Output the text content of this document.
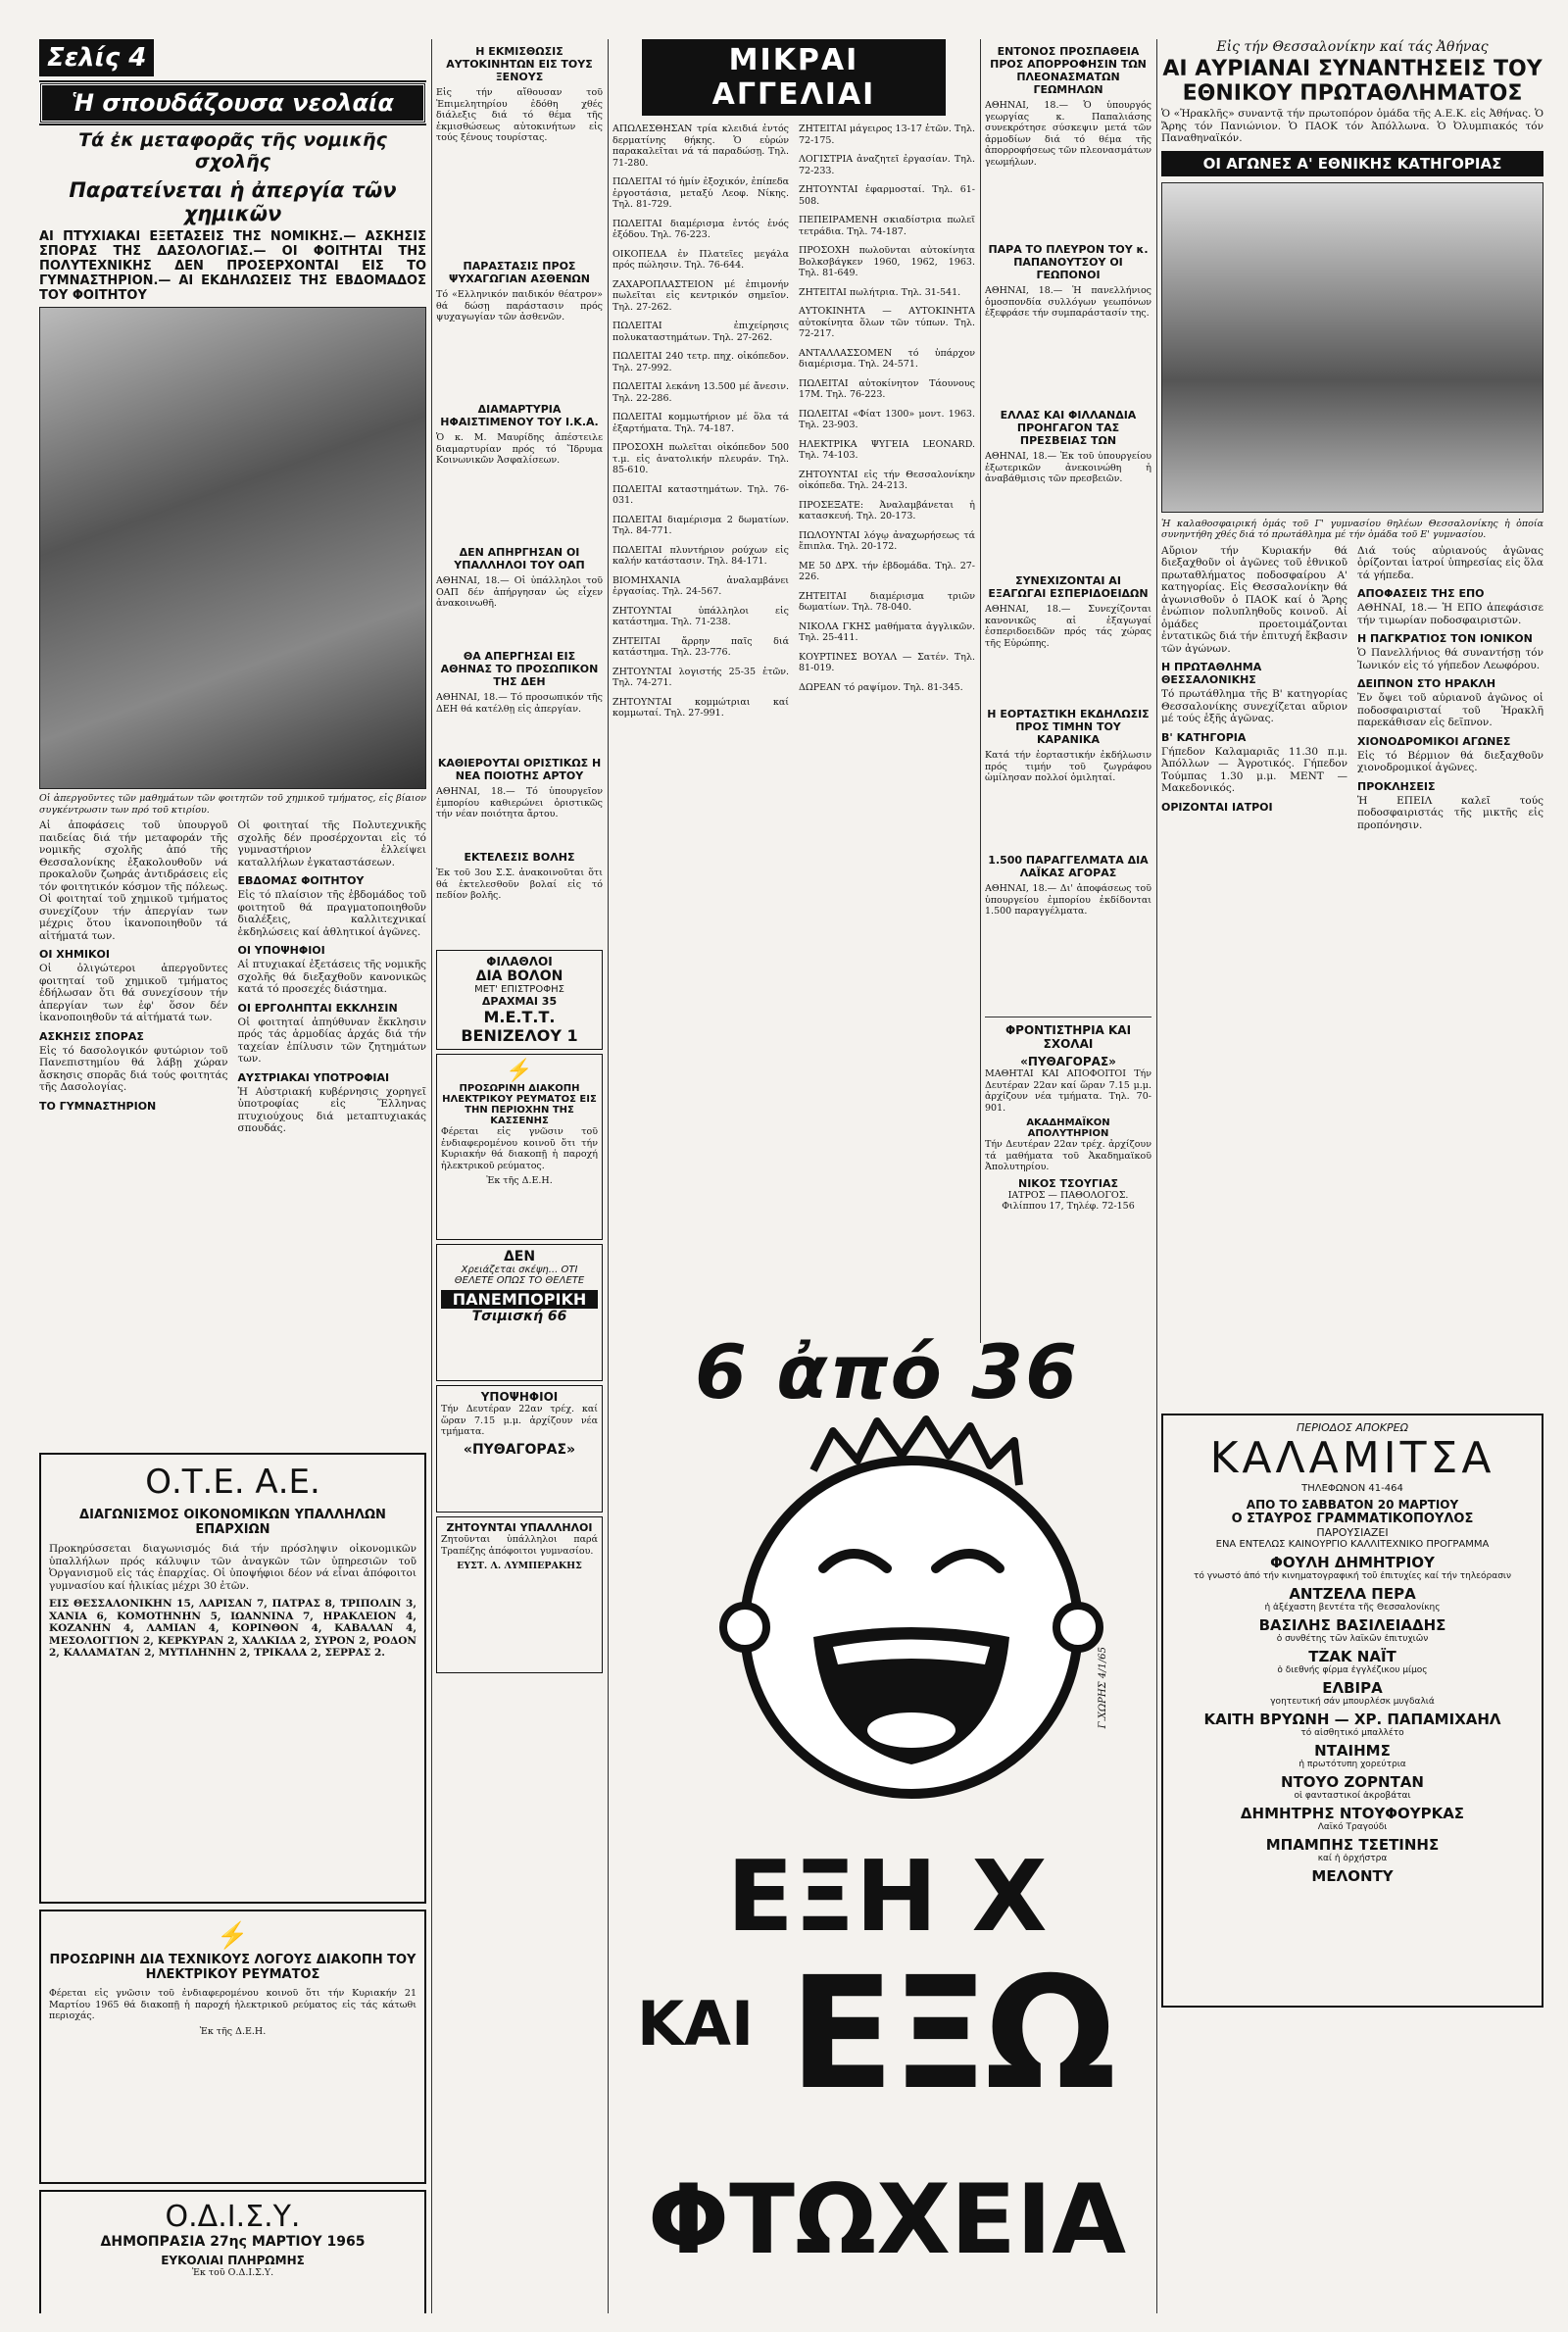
Σελίς 4
Ἡ σπουδάζουσα νεολαία
Τά ἐκ μεταφορᾶς τῆς νομικῆς σχολῆς
Παρατείνεται ἡ ἀπεργία τῶν χημικῶν
ΑΙ ΠΤΥΧΙΑΚΑΙ ΕΞΕΤΑΣΕΙΣ ΤΗΣ ΝΟΜΙΚΗΣ.— ΑΣΚΗΣΙΣ ΣΠΟΡΑΣ ΤΗΣ ΔΑΣΟΛΟΓΙΑΣ.— ΟΙ ΦΟΙΤΗΤΑΙ ΤΗΣ ΠΟΛΥΤΕΧΝΙΚΗΣ ΔΕΝ ΠΡΟΣΕΡΧΟΝΤΑΙ ΕΙΣ ΤΟ ΓΥΜΝΑΣΤΗΡΙΟΝ.— ΑΙ ΕΚΔΗΛΩΣΕΙΣ ΤΗΣ ΕΒΔΟΜΑΔΟΣ ΤΟΥ ΦΟΙΤΗΤΟΥ

Οἱ ἀπεργοῦντες τῶν μαθημάτων τῶν φοιτητῶν τοῦ χημικοῦ τμήματος, εἰς βίαιον συγκέντρωσιν των πρό τοῦ κτιρίου.

Αἱ ἀποφάσεις τοῦ ὑπουργοῦ παιδείας διά τήν μεταφοράν τῆς νομικῆς σχολῆς ἀπό τῆς Θεσσαλονίκης ἐξακολουθοῦν νά προκαλοῦν ζωηράς ἀντιδράσεις εἰς τόν φοιτητικόν κόσμον τῆς πόλεως. Οἱ φοιτηταί τοῦ χημικοῦ τμήματος συνεχίζουν τήν ἀπεργίαν των μέχρις ὅτου ἱκανοποιηθοῦν τά αἰτήματά των.

ΟΙ ΧΗΜΙΚΟΙ

Οἱ ὀλιγώτεροι ἀπεργοῦντες φοιτηταί τοῦ χημικοῦ τμήματος ἐδήλωσαν ὅτι θά συνεχίσουν τήν ἀπεργίαν των ἐφ' ὅσον δέν ἱκανοποιηθοῦν τά αἰτήματά των.

ΑΣΚΗΣΙΣ ΣΠΟΡΑΣ

Εἰς τό δασολογικόν φυτώριον τοῦ Πανεπιστημίου θά λάβῃ χώραν ἄσκησις σπορᾶς διά τούς φοιτητάς τῆς Δασολογίας.

ΤΟ ΓΥΜΝΑΣΤΗΡΙΟΝ

Οἱ φοιτηταί τῆς Πολυτεχνικῆς σχολῆς δέν προσέρχονται εἰς τό γυμναστήριον ἐλλείψει καταλλήλων ἐγκαταστάσεων.

ΕΒΔΟΜΑΣ ΦΟΙΤΗΤΟΥ

Εἰς τό πλαίσιον τῆς ἑβδομάδος τοῦ φοιτητοῦ θά πραγματοποιηθοῦν διαλέξεις, καλλιτεχνικαί ἐκδηλώσεις καί ἀθλητικοί ἀγῶνες.

ΟΙ ΥΠΟΨΗΦΙΟΙ

Αἱ πτυχιακαί ἐξετάσεις τῆς νομικῆς σχολῆς θά διεξαχθοῦν κανονικῶς κατά τό προσεχές διάστημα.

ΟΙ ΕΡΓΟΛΗΠΤΑΙ ΕΚΚΛΗΣΙΝ

Οἱ φοιτηταί ἀπηύθυναν ἔκκλησιν πρός τάς ἁρμοδίας ἀρχάς διά τήν ταχείαν ἐπίλυσιν τῶν ζητημάτων των.

ΑΥΣΤΡΙΑΚΑΙ ΥΠΟΤΡΟΦΙΑΙ

Ἡ Αὐστριακή κυβέρνησις χορηγεῖ ὑποτροφίας εἰς Ἕλληνας πτυχιούχους διά μεταπτυχιακάς σπουδάς.

Ο.Τ.Ε. Α.Ε.
ΔΙΑΓΩΝΙΣΜΟΣ ΟΙΚΟΝΟΜΙΚΩΝ ΥΠΑΛΛΗΛΩΝ ΕΠΑΡΧΙΩΝ

Προκηρύσσεται διαγωνισμός διά τήν πρόσληψιν οἰκονομικῶν ὑπαλλήλων πρός κάλυψιν τῶν ἀναγκῶν τῶν ὑπηρεσιῶν τοῦ Ὀργανισμοῦ εἰς τάς ἐπαρχίας. Οἱ ὑποψήφιοι δέον νά εἶναι ἀπόφοιτοι γυμνασίου καί ἡλικίας μέχρι 30 ἐτῶν.

ΕΙΣ ΘΕΣΣΑΛΟΝΙΚΗΝ 15, ΛΑΡΙΣΑΝ 7, ΠΑΤΡΑΣ 8, ΤΡΙΠΟΛΙΝ 3, ΧΑΝΙΑ 6, ΚΟΜΟΤΗΝΗΝ 5, ΙΩΑΝΝΙΝΑ 7, ΗΡΑΚΛΕΙΟΝ 4, ΚΟΖΑΝΗΝ 4, ΛΑΜΙΑΝ 4, ΚΟΡΙΝΘΟΝ 4, ΚΑΒΑΛΑΝ 4, ΜΕΣΟΛΟΓΓΙΟΝ 2, ΚΕΡΚΥΡΑΝ 2, ΧΑΛΚΙΔΑ 2, ΣΥΡΟΝ 2, ΡΟΔΟΝ 2, ΚΑΛΑΜΑΤΑΝ 2, ΜΥΤΙΛΗΝΗΝ 2, ΤΡΙΚΑΛΑ 2, ΣΕΡΡΑΣ 2.

⚡
ΠΡΟΣΩΡΙΝΗ ΔΙΑ ΤΕΧΝΙΚΟΥΣ ΛΟΓΟΥΣ ΔΙΑΚΟΠΗ ΤΟΥ ΗΛΕΚΤΡΙΚΟΥ ΡΕΥΜΑΤΟΣ

Φέρεται εἰς γνῶσιν τοῦ ἐνδιαφερομένου κοινοῦ ὅτι τήν Κυριακήν 21 Μαρτίου 1965 θά διακοπῇ ἡ παροχή ἠλεκτρικοῦ ρεύματος εἰς τάς κάτωθι περιοχάς.

Ἐκ τῆς Δ.Ε.Η.

Ο.Δ.Ι.Σ.Υ.
ΔΗΜΟΠΡΑΣΙΑ 27ης ΜΑΡΤΙΟΥ 1965
ΕΥΚΟΛΙΑΙ ΠΛΗΡΩΜΗΣ

Ἐκ τοῦ Ο.Δ.Ι.Σ.Υ.

Η ΕΚΜΙΣΘΩΣΙΣ ΑΥΤΟΚΙΝΗΤΩΝ ΕΙΣ ΤΟΥΣ ΞΕΝΟΥΣ

Εἰς τήν αἴθουσαν τοῦ Ἐπιμελητηρίου ἐδόθη χθές διάλεξις διά τό θέμα τῆς ἐκμισθώσεως αὐτοκινήτων εἰς τούς ξένους τουρίστας.

ΠΑΡΑΣΤΑΣΙΣ ΠΡΟΣ ΨΥΧΑΓΩΓΙΑΝ ΑΣΘΕΝΩΝ

Τό «Ελληνικόν παιδικόν θέατρον» θά δώσῃ παράστασιν πρός ψυχαγωγίαν τῶν ἀσθενῶν.

ΔΙΑΜΑΡΤΥΡΙΑ ΗΦΑΙΣΤΙΜΕΝΟΥ ΤΟΥ Ι.Κ.Α.

Ὁ κ. Μ. Μαυρίδης ἀπέστειλε διαμαρτυρίαν πρός τό Ἵδρυμα Κοινωνικῶν Ἀσφαλίσεων.

ΔΕΝ ΑΠΗΡΓΗΣΑΝ ΟΙ ΥΠΑΛΛΗΛΟΙ ΤΟΥ ΟΑΠ

ΑΘΗΝΑΙ, 18.— Οἱ ὑπάλληλοι τοῦ ΟΑΠ δέν ἀπήργησαν ὡς εἶχεν ἀνακοινωθῆ.

ΘΑ ΑΠΕΡΓΗΣΑΙ ΕΙΣ ΑΘΗΝΑΣ ΤΟ ΠΡΟΣΩΠΙΚΟΝ ΤΗΣ ΔΕΗ

ΑΘΗΝΑΙ, 18.— Τό προσωπικόν τῆς ΔΕΗ θά κατέλθῃ εἰς ἀπεργίαν.

ΚΑΘΙΕΡΟΥΤΑΙ ΟΡΙΣΤΙΚΩΣ Η ΝΕΑ ΠΟΙΟΤΗΣ ΑΡΤΟΥ

ΑΘΗΝΑΙ, 18.— Τό ὑπουργεῖον ἐμπορίου καθιερώνει ὁριστικῶς τήν νέαν ποιότητα ἄρτου.

ΕΚΤΕΛΕΣΙΣ ΒΟΛΗΣ

Ἐκ τοῦ 3ου Σ.Σ. ἀνακοινοῦται ὅτι θά ἐκτελεσθοῦν βολαί εἰς τό πεδίον βολῆς.

ΦΙΛΑΘΛΟΙ
ΔΙΑ ΒΟΛΟΝ
ΜΕΤ' ΕΠΙΣΤΡΟΦΗΣ
ΔΡΑΧΜΑΙ 35
Μ.Ε.Τ.Τ. ΒΕΝΙΖΕΛΟΥ 1
⚡
ΠΡΟΣΩΡΙΝΗ ΔΙΑΚΟΠΗ ΗΛΕΚΤΡΙΚΟΥ ΡΕΥΜΑΤΟΣ ΕΙΣ ΤΗΝ ΠΕΡΙΟΧΗΝ ΤΗΣ ΚΑΣΣΕΝΗΣ

Φέρεται εἰς γνῶσιν τοῦ ἐνδιαφερομένου κοινοῦ ὅτι τήν Κυριακήν θά διακοπῇ ἡ παροχή ἠλεκτρικοῦ ρεύματος.

Ἐκ τῆς Δ.Ε.Η.

ΔΕΝ
Χρειάζεται σκέψη... ΟΤΙ ΘΕΛΕΤΕ ΟΠΩΣ ΤΟ ΘΕΛΕΤΕ
ΠΑΝΕΜΠΟΡΙΚΗ
Τσιμισκή 66
ΥΠΟΨΗΦΙΟΙ

Τήν Δευτέραν 22αν τρέχ. καί ὥραν 7.15 μ.μ. ἀρχίζουν νέα τμήματα.

«ΠΥΘΑΓΟΡΑΣ»
ΖΗΤΟΥΝΤΑΙ ΥΠΑΛΛΗΛΟΙ

Ζητοῦνται ὑπάλληλοι παρά Τραπέζης ἀπόφοιτοι γυμνασίου.

ΕΥΣΤ. Λ. ΛΥΜΠΕΡΑΚΗΣ

ΜΙΚΡΑΙ ΑΓΓΕΛΙΑΙ

ΑΠΩΛΕΣΘΗΣΑΝ τρία κλειδιά ἐντός δερματίνης θήκης. Ὁ εὑρών παρακαλεῖται νά τά παραδώσῃ. Τηλ. 71-280.

ΠΩΛΕΙΤΑΙ τό ἡμίν ἐξοχικόν, ἐπίπεδα ἐργοστάσια, μεταξύ Λεοφ. Νίκης. Τηλ. 81-729.

ΠΩΛΕΙΤΑΙ διαμέρισμα ἐντός ἑνός ἐξόδου. Τηλ. 76-223.

ΟΙΚΟΠΕΔΑ ἐν Πλατεῖες μεγάλα πρός πώλησιν. Τηλ. 76-644.

ΖΑΧΑΡΟΠΛΑΣΤΕΙΟΝ μέ ἐπιμονήν πωλεῖται εἰς κεντρικόν σημεῖον. Τηλ. 27-262.

ΠΩΛΕΙΤΑΙ ἐπιχείρησις πολυκαταστημάτων. Τηλ. 27-262.

ΠΩΛΕΙΤΑΙ 240 τετρ. πηχ. οἰκόπεδον. Τηλ. 27-992.

ΠΩΛΕΙΤΑΙ λεκάνη 13.500 μέ ἄνεσιν. Τηλ. 22-286.

ΠΩΛΕΙΤΑΙ κομμωτήριον μέ ὅλα τά ἐξαρτήματα. Τηλ. 74-187.

ΠΡΟΣΟΧΗ πωλεῖται οἰκόπεδον 500 τ.μ. εἰς ἀνατολικήν πλευράν. Τηλ. 85-610.

ΠΩΛΕΙΤΑΙ καταστημάτων. Τηλ. 76-031.

ΠΩΛΕΙΤΑΙ διαμέρισμα 2 δωματίων. Τηλ. 84-771.

ΠΩΛΕΙΤΑΙ πλυντήριον ρούχων εἰς καλήν κατάστασιν. Τηλ. 84-171.

ΒΙΟΜΗΧΑΝΙΑ ἀναλαμβάνει ἐργασίας. Τηλ. 24-567.

ΖΗΤΟΥΝΤΑΙ ὑπάλληλοι εἰς κατάστημα. Τηλ. 71-238.

ΖΗΤΕΙΤΑΙ ἄρρην παῖς διά κατάστημα. Τηλ. 23-776.

ΖΗΤΟΥΝΤΑΙ λογιστής 25-35 ἐτῶν. Τηλ. 74-271.

ΖΗΤΟΥΝΤΑΙ κομμώτριαι καί κομμωταί. Τηλ. 27-991.

ΖΗΤΕΙΤΑΙ μάγειρος 13-17 ἐτῶν. Τηλ. 72-175.

ΛΟΓΙΣΤΡΙΑ ἀναζητεῖ ἐργασίαν. Τηλ. 72-233.

ΖΗΤΟΥΝΤΑΙ ἐφαρμοσταί. Τηλ. 61-508.

ΠΕΠΕΙΡΑΜΕΝΗ σκιαδίστρια πωλεῖ τετράδια. Τηλ. 74-187.

ΠΡΟΣΟΧΗ πωλοῦνται αὐτοκίνητα Βολκσβάγκεν 1960, 1962, 1963. Τηλ. 81-649.

ΖΗΤΕΙΤΑΙ πωλήτρια. Τηλ. 31-541.

ΑΥΤΟΚΙΝΗΤΑ — ΑΥΤΟΚΙΝΗΤΑ αὐτοκίνητα ὅλων τῶν τύπων. Τηλ. 72-217.

ΑΝΤΑΛΛΑΣΣΟΜΕΝ τό ὑπάρχον διαμέρισμα. Τηλ. 24-571.

ΠΩΛΕΙΤΑΙ αὐτοκίνητον Τάουνους 17Μ. Τηλ. 76-223.

ΠΩΛΕΙΤΑΙ «Φίατ 1300» μοντ. 1963. Τηλ. 23-903.

ΗΛΕΚΤΡΙΚΑ ΨΥΓΕΙΑ LEONARD. Τηλ. 74-103.

ΖΗΤΟΥΝΤΑΙ εἰς τήν Θεσσαλονίκην οἰκόπεδα. Τηλ. 24-213.

ΠΡΟΣΕΞΑΤΕ: Ἀναλαμβάνεται ἡ κατασκευή. Τηλ. 20-173.

ΠΩΛΟΥΝΤΑΙ λόγῳ ἀναχωρήσεως τά ἔπιπλα. Τηλ. 20-172.

ΜΕ 50 ΔΡΧ. τήν ἑβδομάδα. Τηλ. 27-226.

ΖΗΤΕΙΤΑΙ διαμέρισμα τριῶν δωματίων. Τηλ. 78-040.

ΝΙΚΟΛΑ ΓΚΗΣ μαθήματα ἀγγλικῶν. Τηλ. 25-411.

ΚΟΥΡΤΙΝΕΣ ΒΟΥΑΛ — Σατέν. Τηλ. 81-019.

ΔΩΡΕΑΝ τό ραψίμον. Τηλ. 81-345.

ΕΝΤΟΝΟΣ ΠΡΟΣΠΑΘΕΙΑ ΠΡΟΣ ΑΠΟΡΡΟΦΗΣΙΝ ΤΩΝ ΠΛΕΟΝΑΣΜΑΤΩΝ ΓΕΩΜΗΛΩΝ

ΑΘΗΝΑΙ, 18.— Ὁ ὑπουργός γεωργίας κ. Παπαλιάσης συνεκρότησε σύσκεψιν μετά τῶν ἁρμοδίων διά τό θέμα τῆς ἀπορροφήσεως τῶν πλεονασμάτων γεωμήλων.

ΠΑΡΑ ΤΟ ΠΛΕΥΡΟΝ ΤΟΥ κ. ΠΑΠΑΝΟΥΤΣΟΥ ΟΙ ΓΕΩΠΟΝΟΙ

ΑΘΗΝΑΙ, 18.— Ἡ πανελλήνιος ὁμοσπονδία συλλόγων γεωπόνων ἐξεφράσε τήν συμπαράστασίν της.

ΕΛΛΑΣ ΚΑΙ ΦΙΛΛΑΝΔΙΑ ΠΡΟΗΓΑΓΟΝ ΤΑΣ ΠΡΕΣΒΕΙΑΣ ΤΩΝ

ΑΘΗΝΑΙ, 18.— Ἐκ τοῦ ὑπουργείου ἐξωτερικῶν ἀνεκοινώθη ἡ ἀναβάθμισις τῶν πρεσβειῶν.

ΣΥΝΕΧΙΖΟΝΤΑΙ ΑΙ ΕΞΑΓΩΓΑΙ ΕΣΠΕΡΙΔΟΕΙΔΩΝ

ΑΘΗΝΑΙ, 18.— Συνεχίζονται κανονικῶς αἱ ἐξαγωγαί ἐσπεριδοειδῶν πρός τάς χώρας τῆς Εὐρώπης.

Η ΕΟΡΤΑΣΤΙΚΗ ΕΚΔΗΛΩΣΙΣ ΠΡΟΣ ΤΙΜΗΝ ΤΟΥ ΚΑΡΑΝΙΚΑ

Κατά τήν ἑορταστικήν ἐκδήλωσιν πρός τιμήν τοῦ ζωγράφου ὡμίλησαν πολλοί ὁμιληταί.

1.500 ΠΑΡΑΓΓΕΛΜΑΤΑ ΔΙΑ ΛΑΪΚΑΣ ΑΓΟΡΑΣ

ΑΘΗΝΑΙ, 18.— Δι' ἀποφάσεως τοῦ ὑπουργείου ἐμπορίου ἐκδίδονται 1.500 παραγγέλματα.

ΦΡΟΝΤΙΣΤΗΡΙΑ ΚΑΙ ΣΧΟΛΑΙ
«ΠΥΘΑΓΟΡΑΣ»

ΜΑΘΗΤΑΙ ΚΑΙ ΑΠΟΦΟΙΤΟΙ Τήν Δευτέραν 22αν καί ὥραν 7.15 μ.μ. ἀρχίζουν νέα τμήματα. Τηλ. 70-901.

ΑΚΑΔΗΜΑΪΚΟΝ ΑΠΟΛΥΤΗΡΙΟΝ

Τήν Δευτέραν 22αν τρέχ. ἀρχίζουν τά μαθήματα τοῦ Ἀκαδημαϊκοῦ Ἀπολυτηρίου.

ΝΙΚΟΣ ΤΣΟΥΓΙΑΣ

ΙΑΤΡΟΣ — ΠΑΘΟΛΟΓΟΣ. Φιλίππου 17, Τηλέφ. 72-156

Εἰς τήν Θεσσαλονίκην καί τάς Ἀθήνας
ΑΙ ΑΥΡΙΑΝΑΙ ΣΥΝΑΝΤΗΣΕΙΣ ΤΟΥ ΕΘΝΙΚΟΥ ΠΡΩΤΑΘΛΗΜΑΤΟΣ

Ὁ «Ἠρακλῆς» συναντᾷ τήν πρωτοπόρον ὁμάδα τῆς Α.Ε.Κ. εἰς Ἀθήνας. Ὁ Ἄρης τόν Πανιώνιον. Ὁ ΠΑΟΚ τόν Ἀπόλλωνα. Ὁ Ὀλυμπιακός τόν Παναθηναϊκόν.

ΟΙ ΑΓΩΝΕΣ Α' ΕΘΝΙΚΗΣ ΚΑΤΗΓΟΡΙΑΣ

Ἡ καλαθοσφαιρική ὁμάς τοῦ Γ' γυμνασίου θηλέων Θεσσαλονίκης ἡ ὁποία συνηντήθη χθές διά τό πρωτάθλημα μέ τήν ὁμάδα τοῦ Ε' γυμνασίου.

Αὔριον τήν Κυριακήν θά διεξαχθοῦν οἱ ἀγῶνες τοῦ ἐθνικοῦ πρωταθλήματος ποδοσφαίρου Α' κατηγορίας. Εἰς Θεσσαλονίκην θά ἀγωνισθοῦν ὁ ΠΑΟΚ καί ὁ Ἄρης ἐνώπιον πολυπληθοῦς κοινοῦ. Αἱ ὁμάδες προετοιμάζονται ἐντατικῶς διά τήν ἐπιτυχή ἔκβασιν τῶν ἀγώνων.

Η ΠΡΩΤΑΘΛΗΜΑ ΘΕΣΣΑΛΟΝΙΚΗΣ

Τό πρωτάθλημα τῆς Β' κατηγορίας Θεσσαλονίκης συνεχίζεται αὔριον μέ τούς ἑξῆς ἀγῶνας.

Β' ΚΑΤΗΓΟΡΙΑ

Γήπεδον Καλαμαριᾶς 11.30 π.μ. Ἀπόλλων — Ἀγροτικός. Γήπεδον Τούμπας 1.30 μ.μ. ΜΕΝΤ — Μακεδονικός.

ΟΡΙΖΟΝΤΑΙ ΙΑΤΡΟΙ

Διά τούς αὐριανούς ἀγῶνας ὁρίζονται ἰατροί ὑπηρεσίας εἰς ὅλα τά γήπεδα.

ΑΠΟΦΑΣΕΙΣ ΤΗΣ ΕΠΟ

ΑΘΗΝΑΙ, 18.— Ἡ ΕΠΟ ἀπεφάσισε τήν τιμωρίαν ποδοσφαιριστῶν.

Η ΠΑΓΚΡΑΤΙΟΣ ΤΟΝ ΙΟΝΙΚΟΝ

Ὁ Πανελλήνιος θά συναντήσῃ τόν Ἰωνικόν εἰς τό γήπεδον Λεωφόρου.

ΔΕΙΠΝΟΝ ΣΤΟ ΗΡΑΚΛΗ

Ἐν ὄψει τοῦ αὐριανοῦ ἀγῶνος οἱ ποδοσφαιρισταί τοῦ Ἠρακλῆ παρεκάθισαν εἰς δεῖπνον.

ΧΙΟΝΟΔΡΟΜΙΚΟΙ ΑΓΩΝΕΣ

Εἰς τό Βέρμιον θά διεξαχθοῦν χιονοδρομικοί ἀγῶνες.

ΠΡΟΚΛΗΣΕΙΣ

Ἡ ΕΠΕΙΛ καλεῖ τούς ποδοσφαιριστάς τῆς μικτῆς εἰς προπόνησιν.

ΠΕΡΙΟΔΟΣ ΑΠΟΚΡΕΩ
ΚΑΛΑΜΙΤΣΑ
ΤΗΛΕΦΩΝΟΝ 41-464
ΑΠΟ ΤΟ ΣΑΒΒΑΤΟΝ 20 ΜΑΡΤΙΟΥ
Ο ΣΤΑΥΡΟΣ ΓΡΑΜΜΑΤΙΚΟΠΟΥΛΟΣ
ΠΑΡΟΥΣΙΑΖΕΙ
ΕΝΑ ΕΝΤΕΛΩΣ ΚΑΙΝΟΥΡΓΙΟ ΚΑΛΛΙΤΕΧΝΙΚΟ ΠΡΟΓΡΑΜΜΑ
ΦΟΥΛΗ ΔΗΜΗΤΡΙΟΥ
τό γνωστό ἀπό τήν κινηματογραφική τοῦ ἐπιτυχίες καί τήν τηλεόρασιν
ΑΝΤΖΕΛΑ ΠΕΡΑ
ἡ ἀξέχαστη βεντέτα τῆς Θεσσαλονίκης
ΒΑΣΙΛΗΣ ΒΑΣΙΛΕΙΑΔΗΣ
ὁ συνθέτης τῶν λαϊκῶν ἐπιτυχιῶν
ΤΖΑΚ ΝΑΪΤ
ὁ διεθνής φίρμα ἐγγλέζικου μίμος
ΕΛΒΙΡΑ
γοητευτική σάν μπουρλέσκ μυγδαλιά
ΚΑΙΤΗ ΒΡΥΩΝΗ — ΧΡ. ΠΑΠΑΜΙΧΑΗΛ
τό αἰσθητικό μπαλλέτο
ΝΤΑΙΗΜΣ
ἡ πρωτότυπη χορεύτρια
ΝΤΟΥΟ ΖΟΡΝΤΑΝ
οἱ φανταστικοί ἀκροβάται
ΔΗΜΗΤΡΗΣ ΝΤΟΥΦΟΥΡΚΑΣ
Λαϊκό Τραγούδι
ΜΠΑΜΠΗΣ ΤΣΕΤΙΝΗΣ
καί ἡ ὀρχήστρα
ΜΕΛΟΝΤΥ
6 ἀπό 36
Γ.ΧΩΡΗΣ 4/1/65
ΕΞΗ Χ
ΚΑΙ ΕΞΩ
ΦΤΩΧΕΙΑ
